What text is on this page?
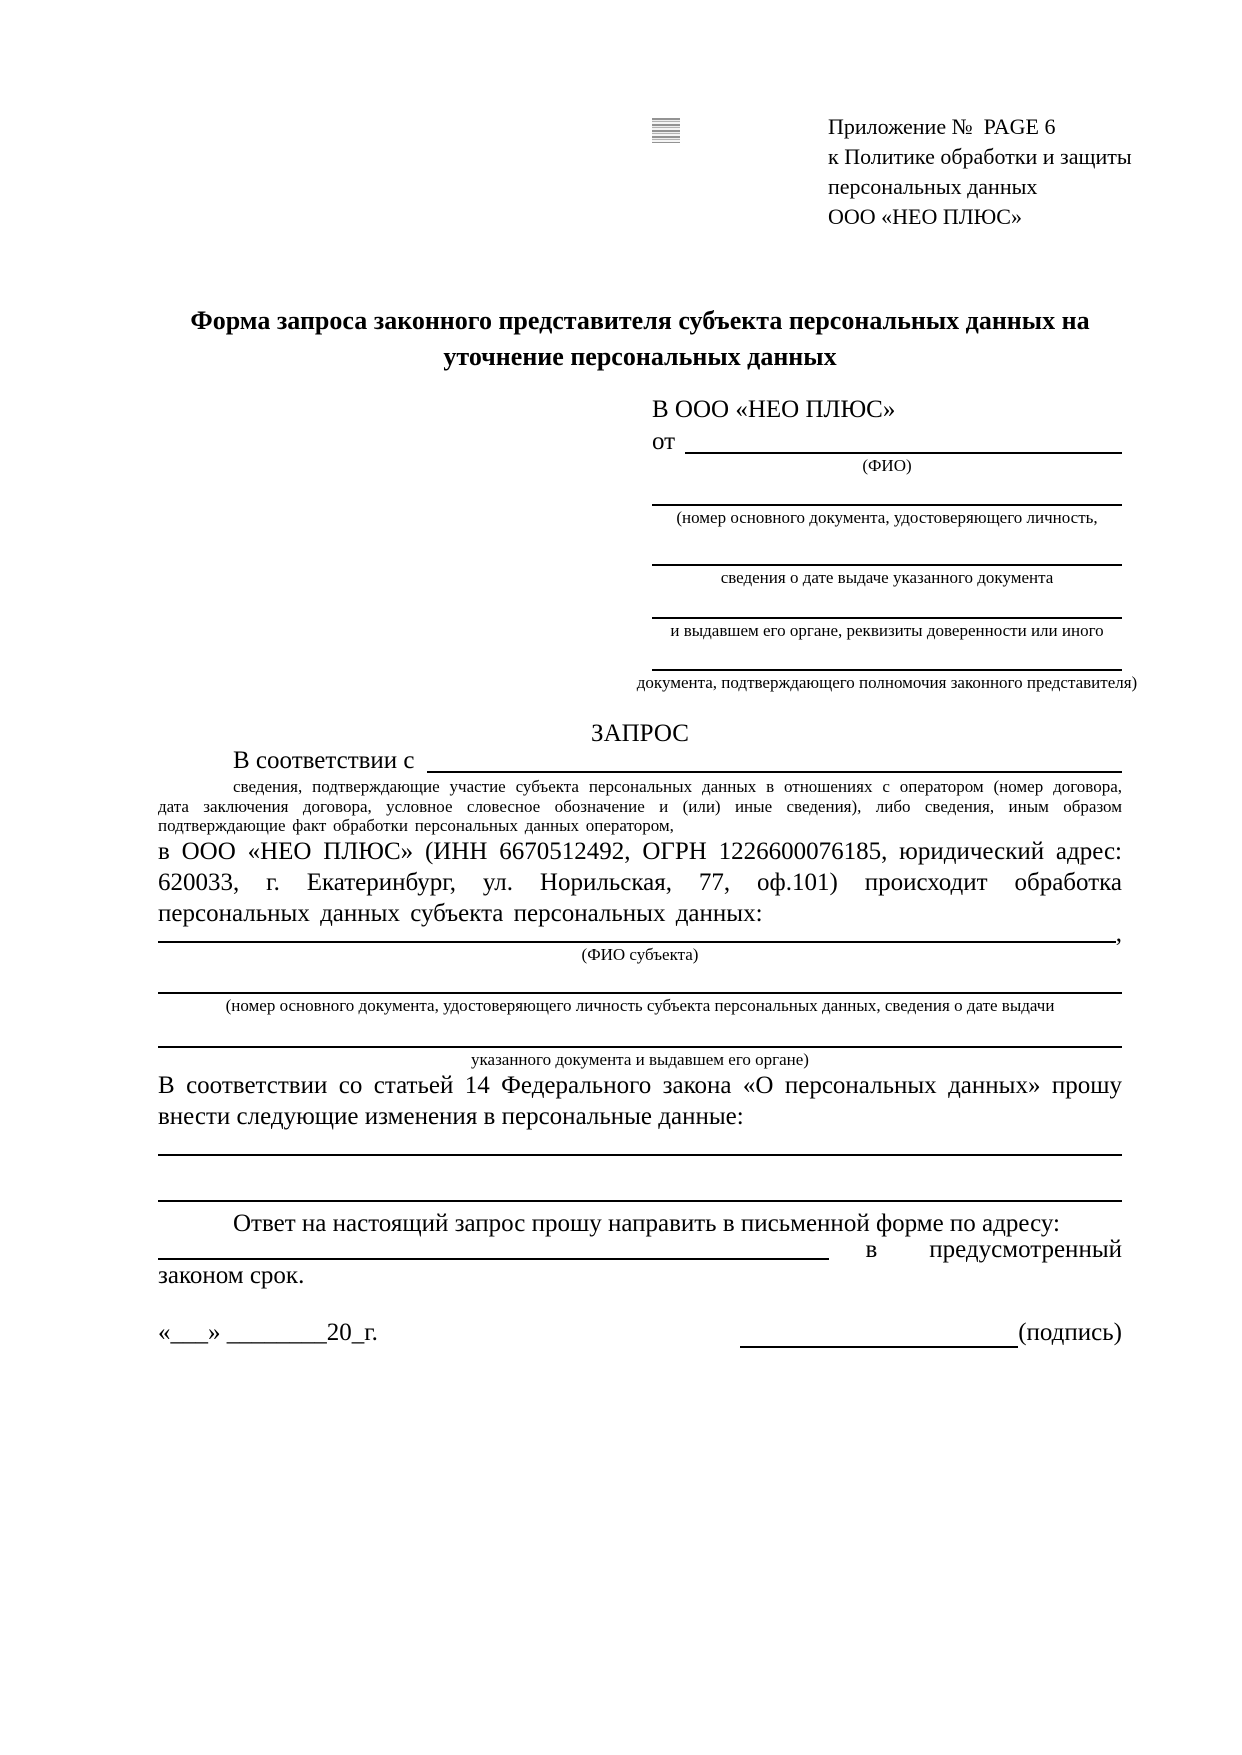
Приложение №  PAGE 6
к Политике обработки и защиты
персональных данных
ООО «НЕО ПЛЮС»
Форма запроса законного представителя субъекта персональных данных на уточнение персональных данных
В ООО «НЕО ПЛЮС»
от
(ФИО)
(номер основного документа, удостоверяющего личность,
сведения о дате выдаче указанного документа
и выдавшем его органе, реквизиты доверенности или иного
документа, подтверждающего полномочия законного представителя)
ЗАПРОС
В соответствии с
сведения, подтверждающие участие субъекта персональных данных в отношениях с оператором (номер договора, дата заключения договора, условное словесное обозначение и (или) иные сведения), либо сведения, иным образом подтверждающие факт обработки персональных данных оператором,
в ООО «НЕО ПЛЮС» (ИНН 6670512492, ОГРН 1226600076185, юридический адрес: 620033, г. Екатеринбург, ул. Норильская, 77, оф.101) происходит обработка персональных данных субъекта персональных данных:
,
(ФИО субъекта)
(номер основного документа, удостоверяющего личность субъекта персональных данных, сведения о дате выдачи
указанного документа и выдавшем его органе)
В соответствии со статьей 14 Федерального закона «О персональных данных» прошу внести следующие изменения в персональные данные:
Ответ на настоящий запрос прошу направить в письменной форме по адресу:
в предусмотренный
законом срок.
«___» ________20_г.	(подпись)
